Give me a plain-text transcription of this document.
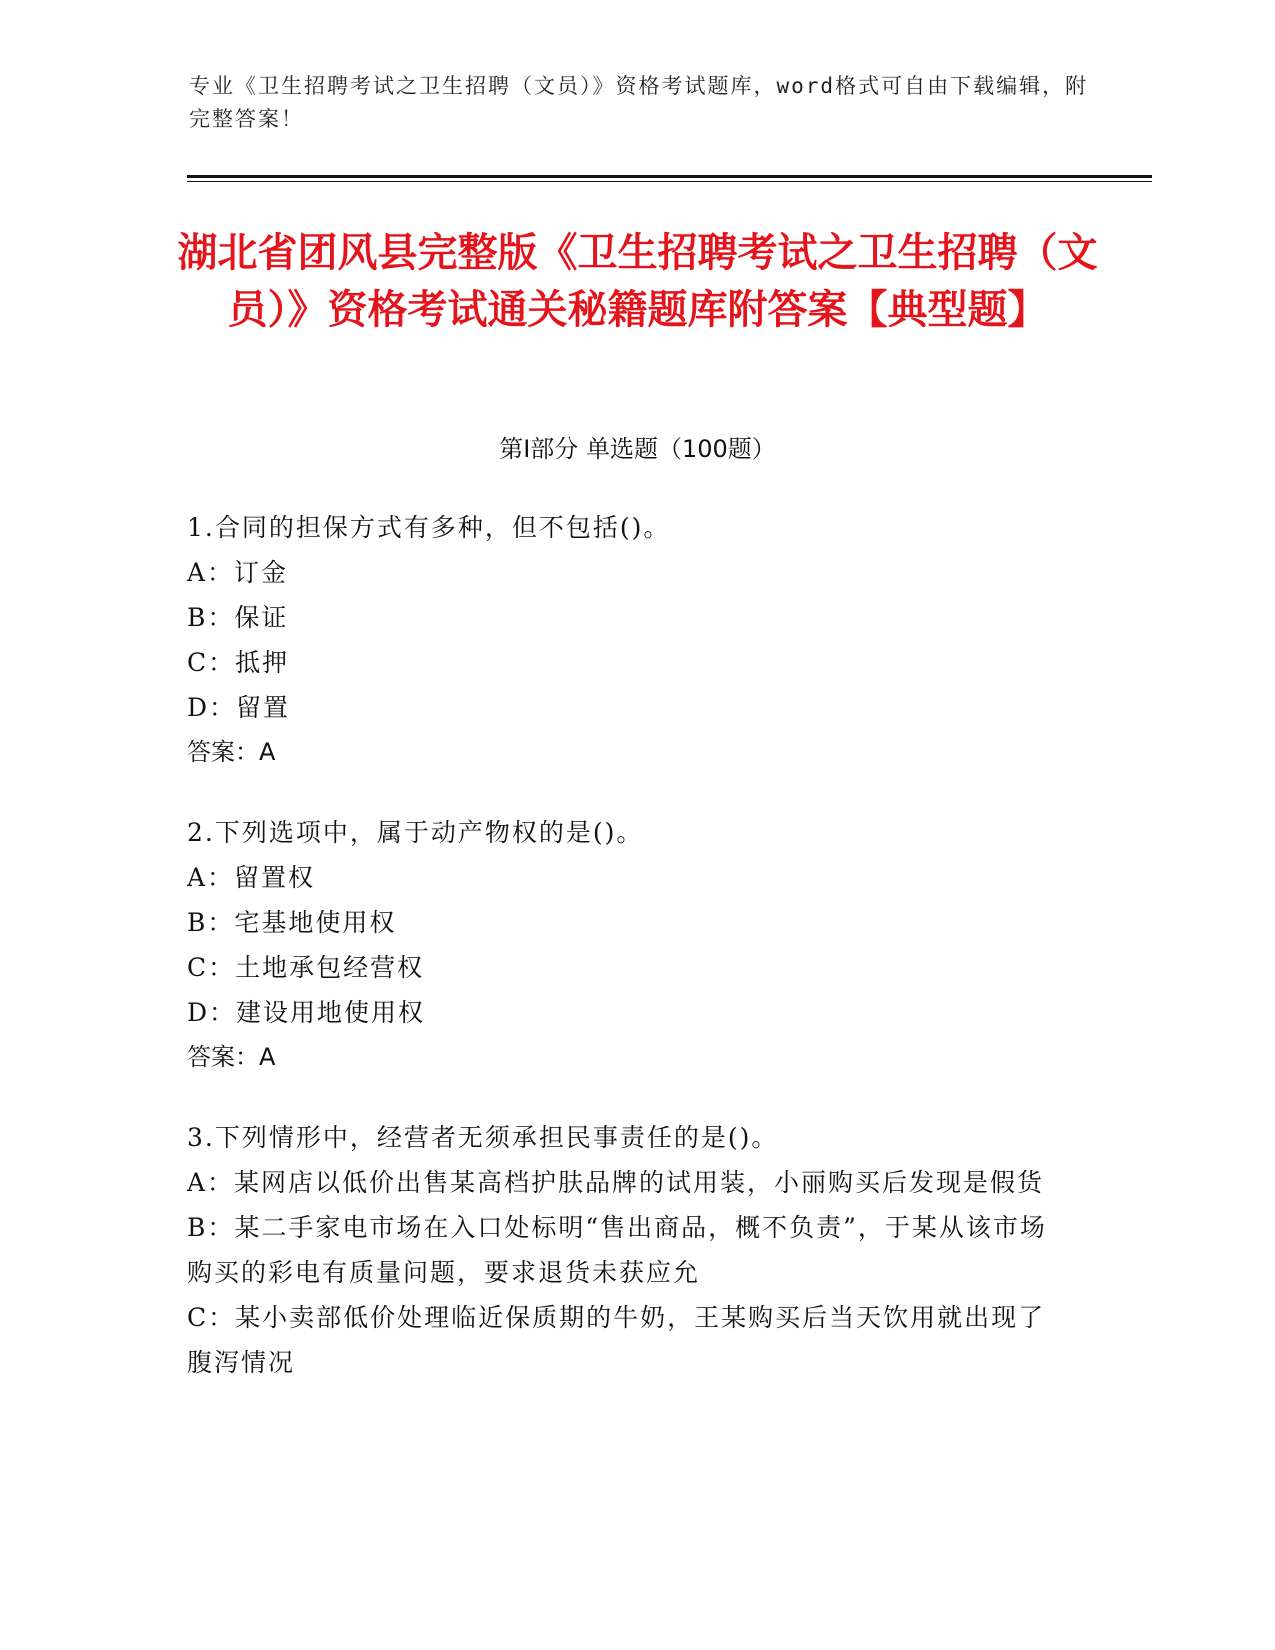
专业《卫生招聘考试之卫生招聘（文员）》资格考试题库，word格式可自由下载编辑，附完整答案！
湖北省团风县完整版《卫生招聘考试之卫生招聘（文员）》资格考试通关秘籍题库附答案【典型题】
第Ⅰ部分 单选题（100题）
1.合同的担保方式有多种，但不包括()。
A：订金
B：保证
C：抵押
D：留置
答案：A
2.下列选项中，属于动产物权的是()。
A：留置权
B：宅基地使用权
C：土地承包经营权
D：建设用地使用权
答案：A
3.下列情形中，经营者无须承担民事责任的是()。
A：某网店以低价出售某高档护肤品牌的试用装，小丽购买后发现是假货
B：某二手家电市场在入口处标明“售出商品，概不负责”，于某从该市场购买的彩电有质量问题，要求退货未获应允
C：某小卖部低价处理临近保质期的牛奶，王某购买后当天饮用就出现了腹泻情况
